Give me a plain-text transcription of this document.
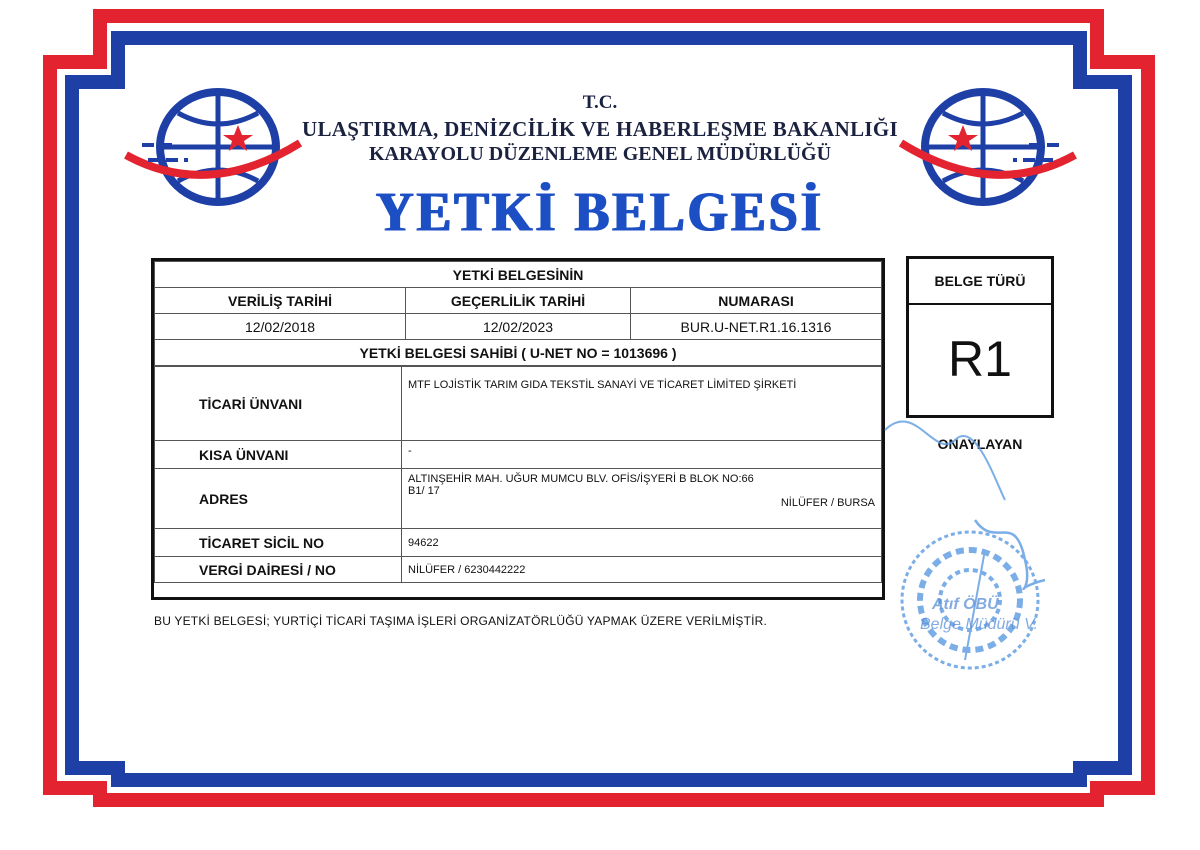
T.C.
ULAŞTIRMA, DENİZCİLİK VE HABERLEŞME BAKANLIĞI
KARAYOLU DÜZENLEME GENEL MÜDÜRLÜĞÜ
YETKİ BELGESİ
YETKİ BELGESİNİN		
VERİLİŞ TARİHİ	GEÇERLİLİK TARİHİ	NUMARASI
12/02/2018	12/02/2023	BUR.U-NET.R1.16.1316
YETKİ BELGESİ SAHİBİ ( U-NET NO = 1013696 )		
TİCARİ ÜNVANI	MTF LOJİSTİK TARIM GIDA TEKSTİL SANAYİ VE TİCARET LİMİTED ŞİRKETİ
KISA ÜNVANI	-
ADRES	ALTINŞEHİR MAH. UĞUR MUMCU BLV. OFİS/İŞYERİ B BLOK NO:66 B1/ 17
NİLÜFER / BURSA

TİCARET SİCİL NO	94622
VERGİ DAİRESİ / NO	NİLÜFER / 6230442222
BELGE TÜRÜ
R1
ONAYLAYAN
Atıf ÖBÜ
Belge Müdürü V.
BU YETKİ BELGESİ; YURTİÇİ TİCARİ TAŞIMA İŞLERİ ORGANİZATÖRLÜĞÜ YAPMAK ÜZERE VERİLMİŞTİR.
